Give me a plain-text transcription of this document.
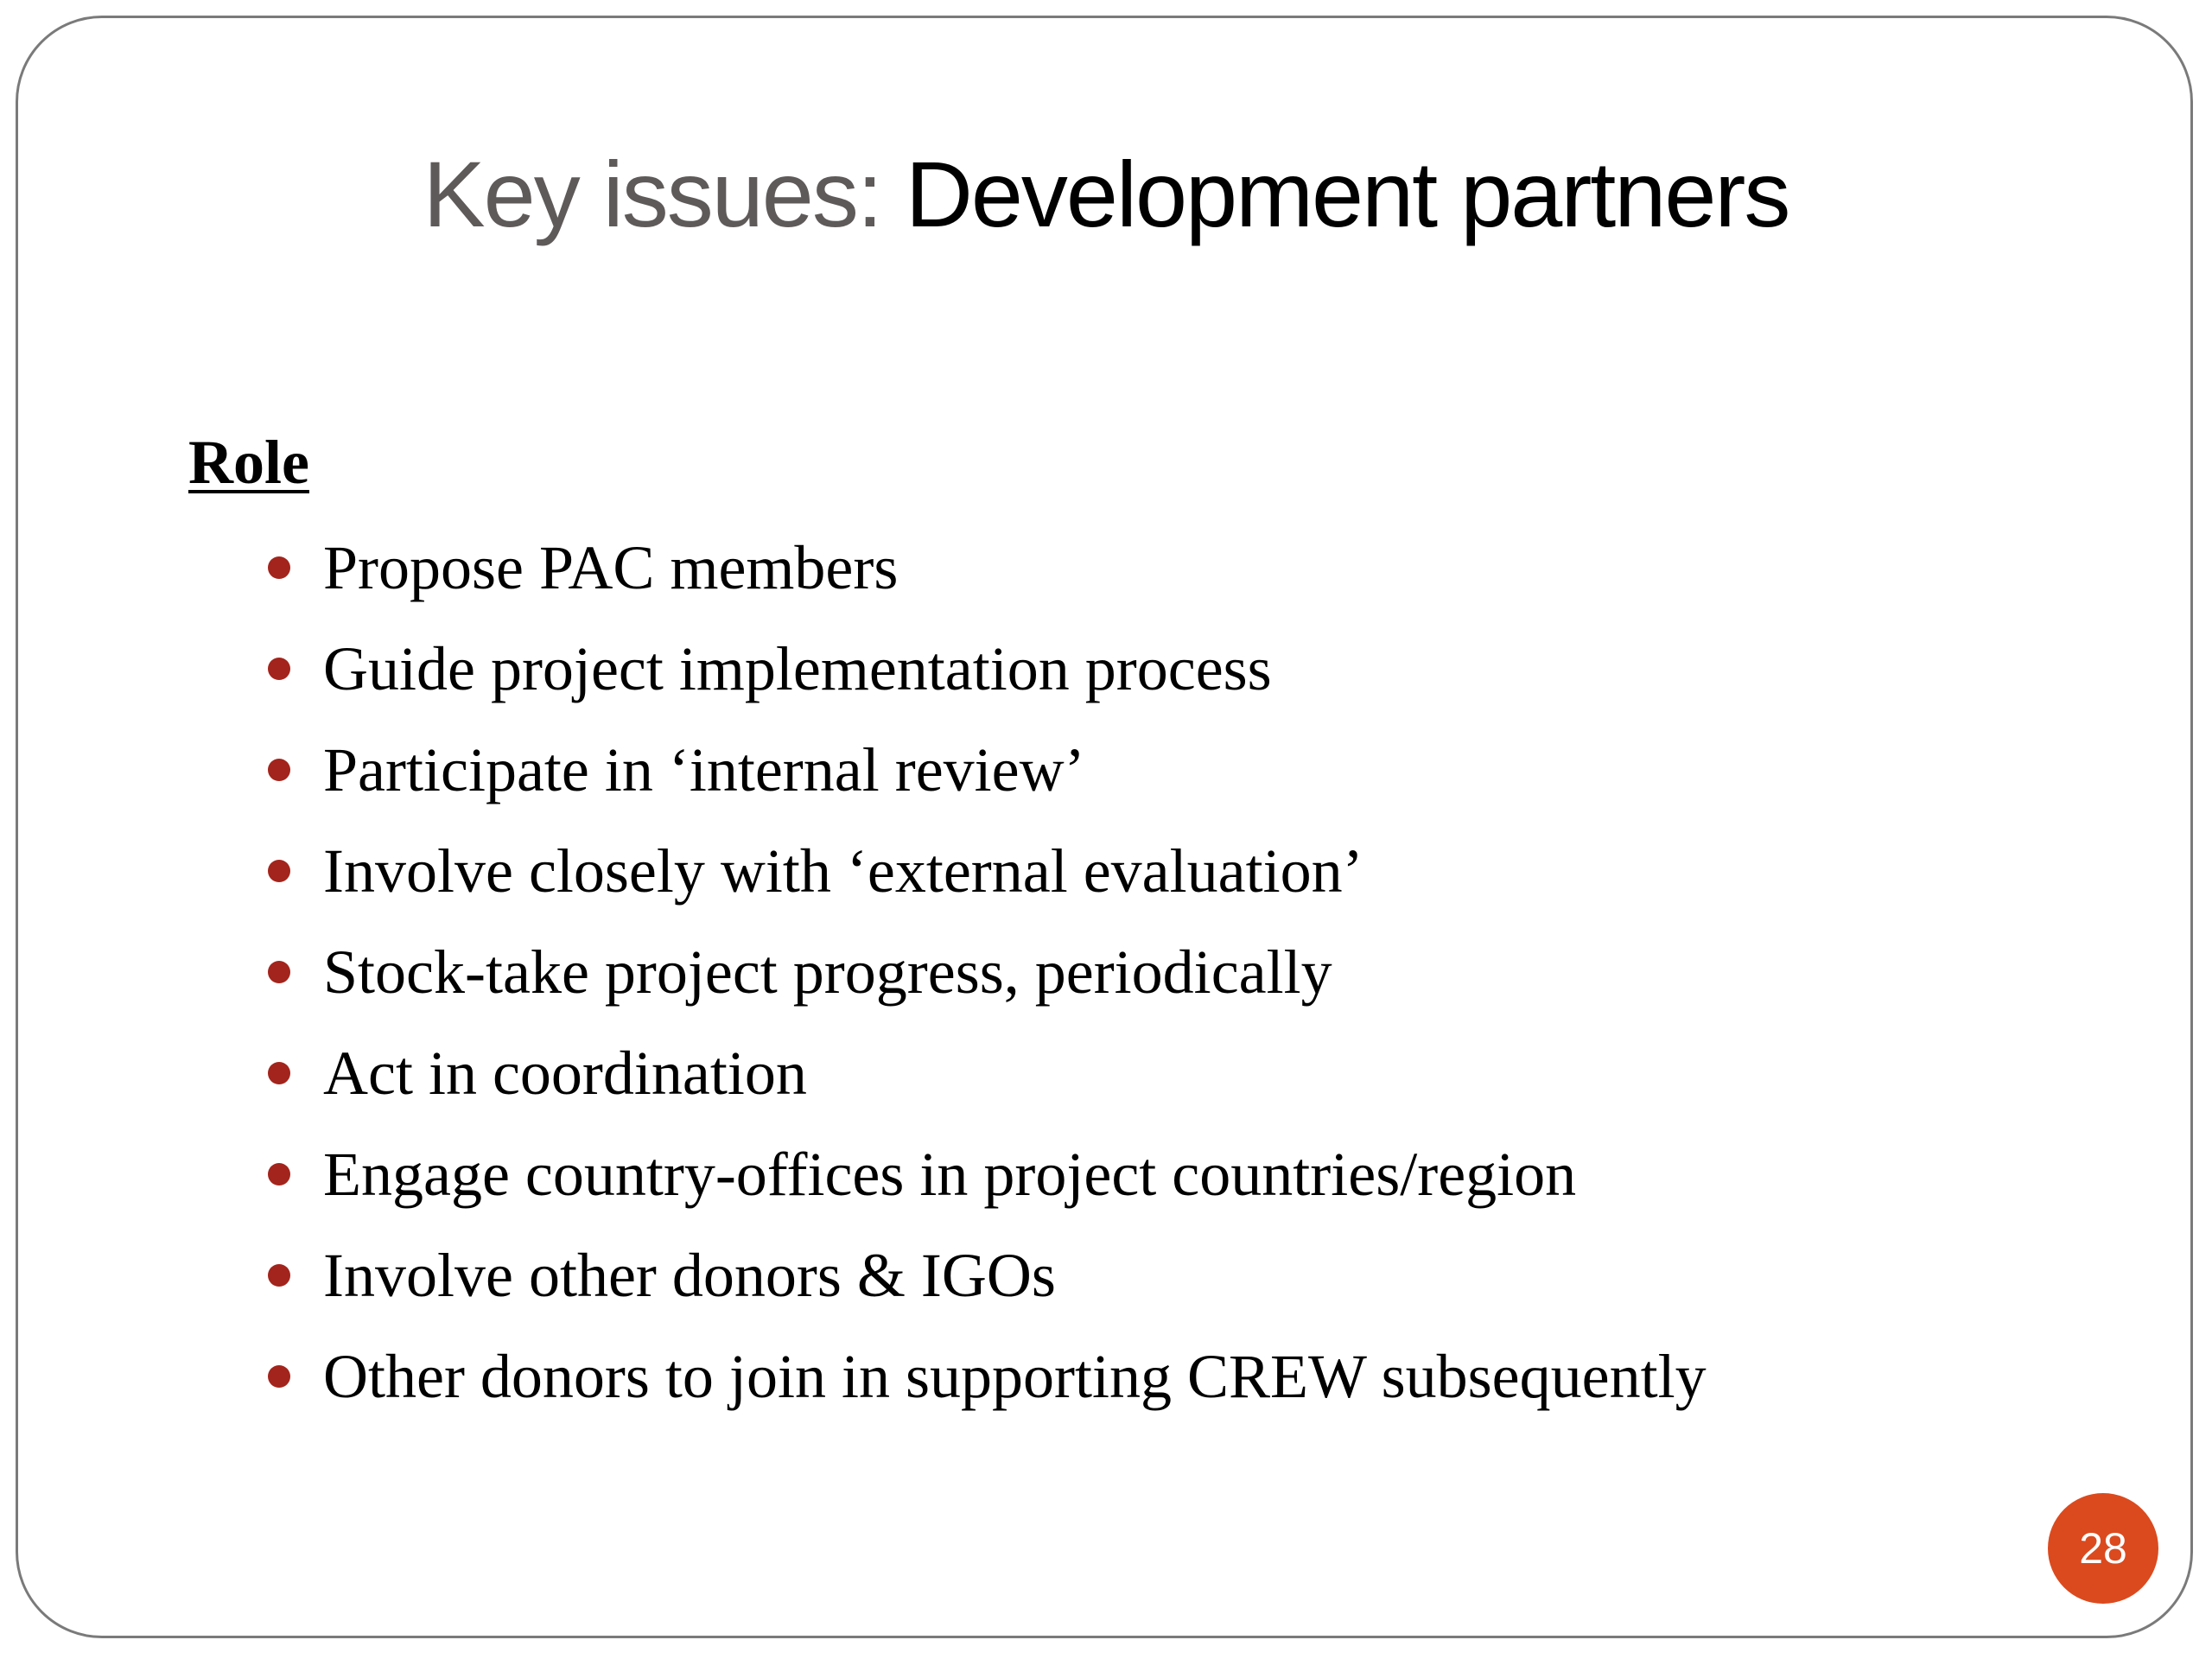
Key issues: Development partners
Role
Propose PAC members
Guide project implementation process
Participate in ‘internal review’
Involve closely with ‘external evaluation’
Stock-take project progress, periodically
Act in coordination
Engage country-offices in project countries/region
Involve other donors & IGOs
Other donors to join in supporting CREW subsequently
28
